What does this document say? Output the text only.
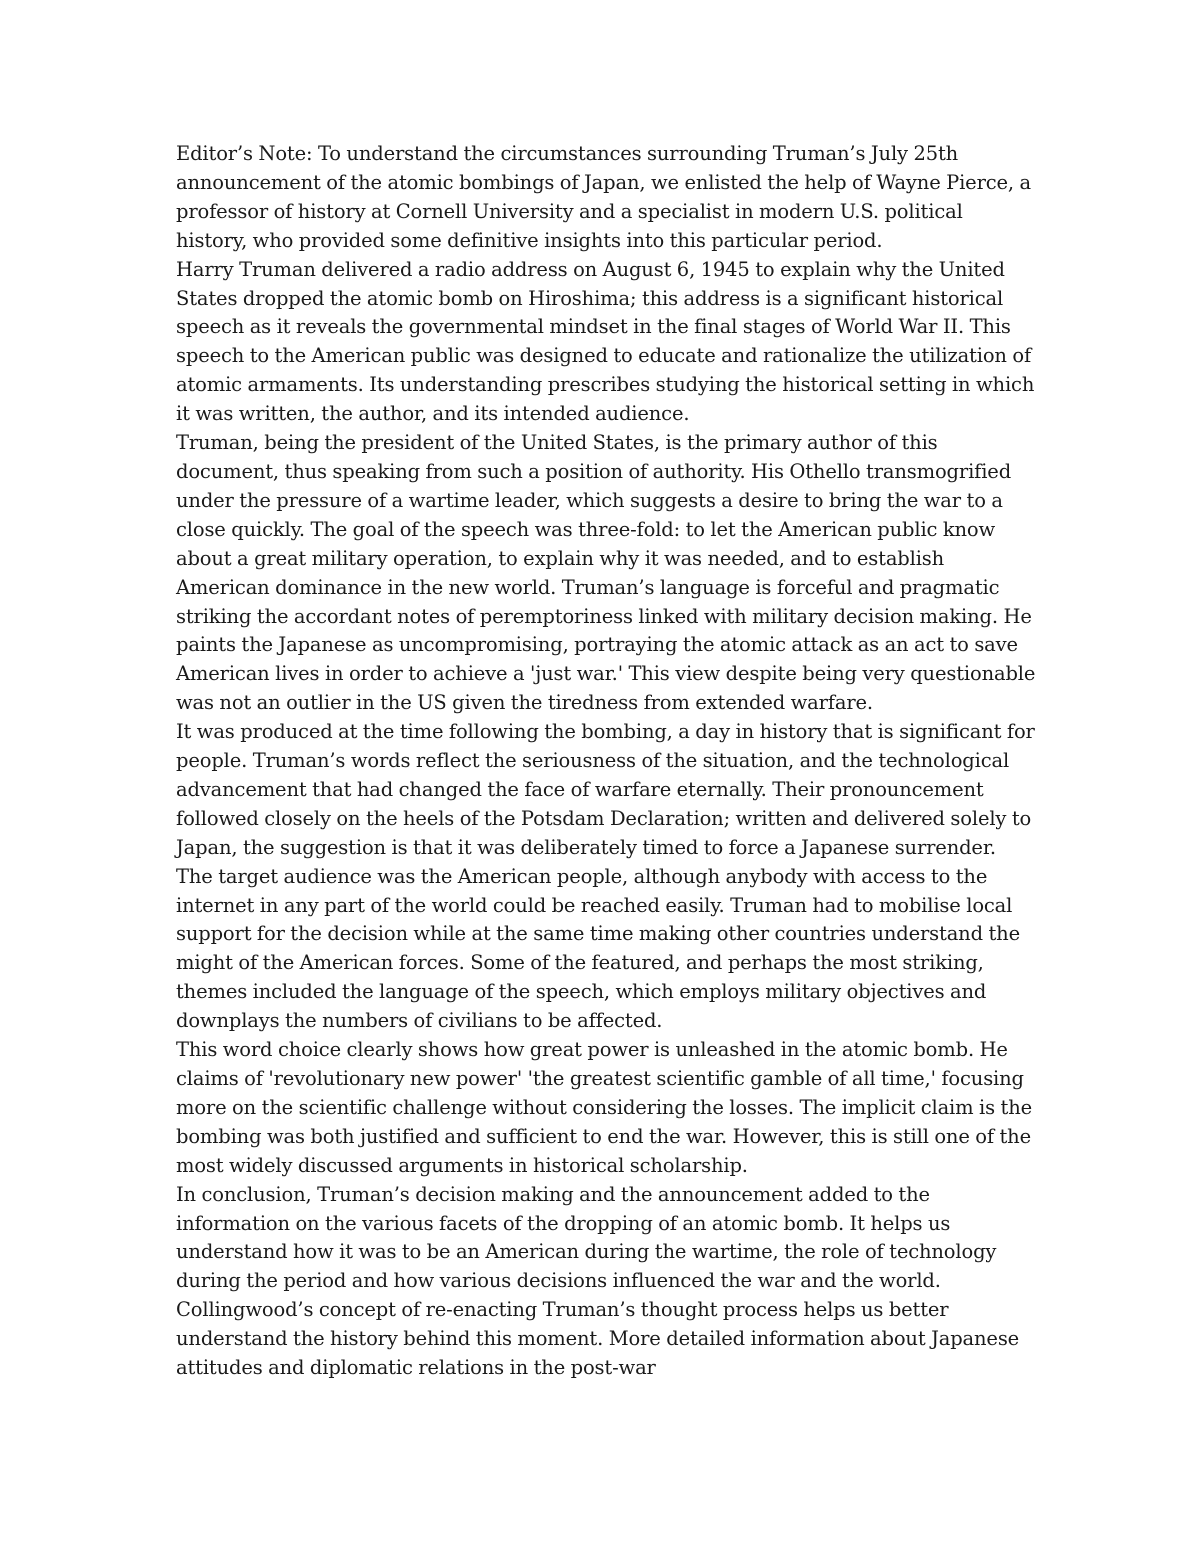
Editor’s Note: To understand the circumstances surrounding Truman’s July 25th announcement of the atomic bombings of Japan, we enlisted the help of Wayne Pierce, a professor of history at Cornell University and a specialist in modern U.S. political history, who provided some definitive insights into this particular period.

Harry Truman delivered a radio address on August 6, 1945 to explain why the United States dropped the atomic bomb on Hiroshima; this address is a significant historical speech as it reveals the governmental mindset in the final stages of World War II. This speech to the American public was designed to educate and rationalize the utilization of atomic armaments. Its understanding prescribes studying the historical setting in which it was written, the author, and its intended audience.

Truman, being the president of the United States, is the primary author of this document, thus speaking from such a position of authority. His Othello transmogrified under the pressure of a wartime leader, which suggests a desire to bring the war to a close quickly. The goal of the speech was three-fold: to let the American public know about a great military operation, to explain why it was needed, and to establish American dominance in the new world. Truman’s language is forceful and pragmatic striking the accordant notes of peremptoriness linked with military decision making. He paints the Japanese as uncompromising, portraying the atomic attack as an act to save American lives in order to achieve a 'just war.' This view despite being very questionable was not an outlier in the US given the tiredness from extended warfare.

It was produced at the time following the bombing, a day in history that is significant for people. Truman’s words reflect the seriousness of the situation, and the technological advancement that had changed the face of warfare eternally. Their pronouncement followed closely on the heels of the Potsdam Declaration; written and delivered solely to Japan, the suggestion is that it was deliberately timed to force a Japanese surrender. The target audience was the American people, although anybody with access to the internet in any part of the world could be reached easily. Truman had to mobilise local support for the decision while at the same time making other countries understand the might of the American forces. Some of the featured, and perhaps the most striking, themes included the language of the speech, which employs military objectives and downplays the numbers of civilians to be affected.

This word choice clearly shows how great power is unleashed in the atomic bomb. He claims of 'revolutionary new power' 'the greatest scientific gamble of all time,' focusing more on the scientific challenge without considering the losses. The implicit claim is the bombing was both justified and sufficient to end the war. However, this is still one of the most widely discussed arguments in historical scholarship.

In conclusion, Truman’s decision making and the announcement added to the information on the various facets of the dropping of an atomic bomb. It helps us understand how it was to be an American during the wartime, the role of technology during the period and how various decisions influenced the war and the world. Collingwood’s concept of re-enacting Truman’s thought process helps us better understand the history behind this moment. More detailed information about Japanese attitudes and diplomatic relations in the post-war
